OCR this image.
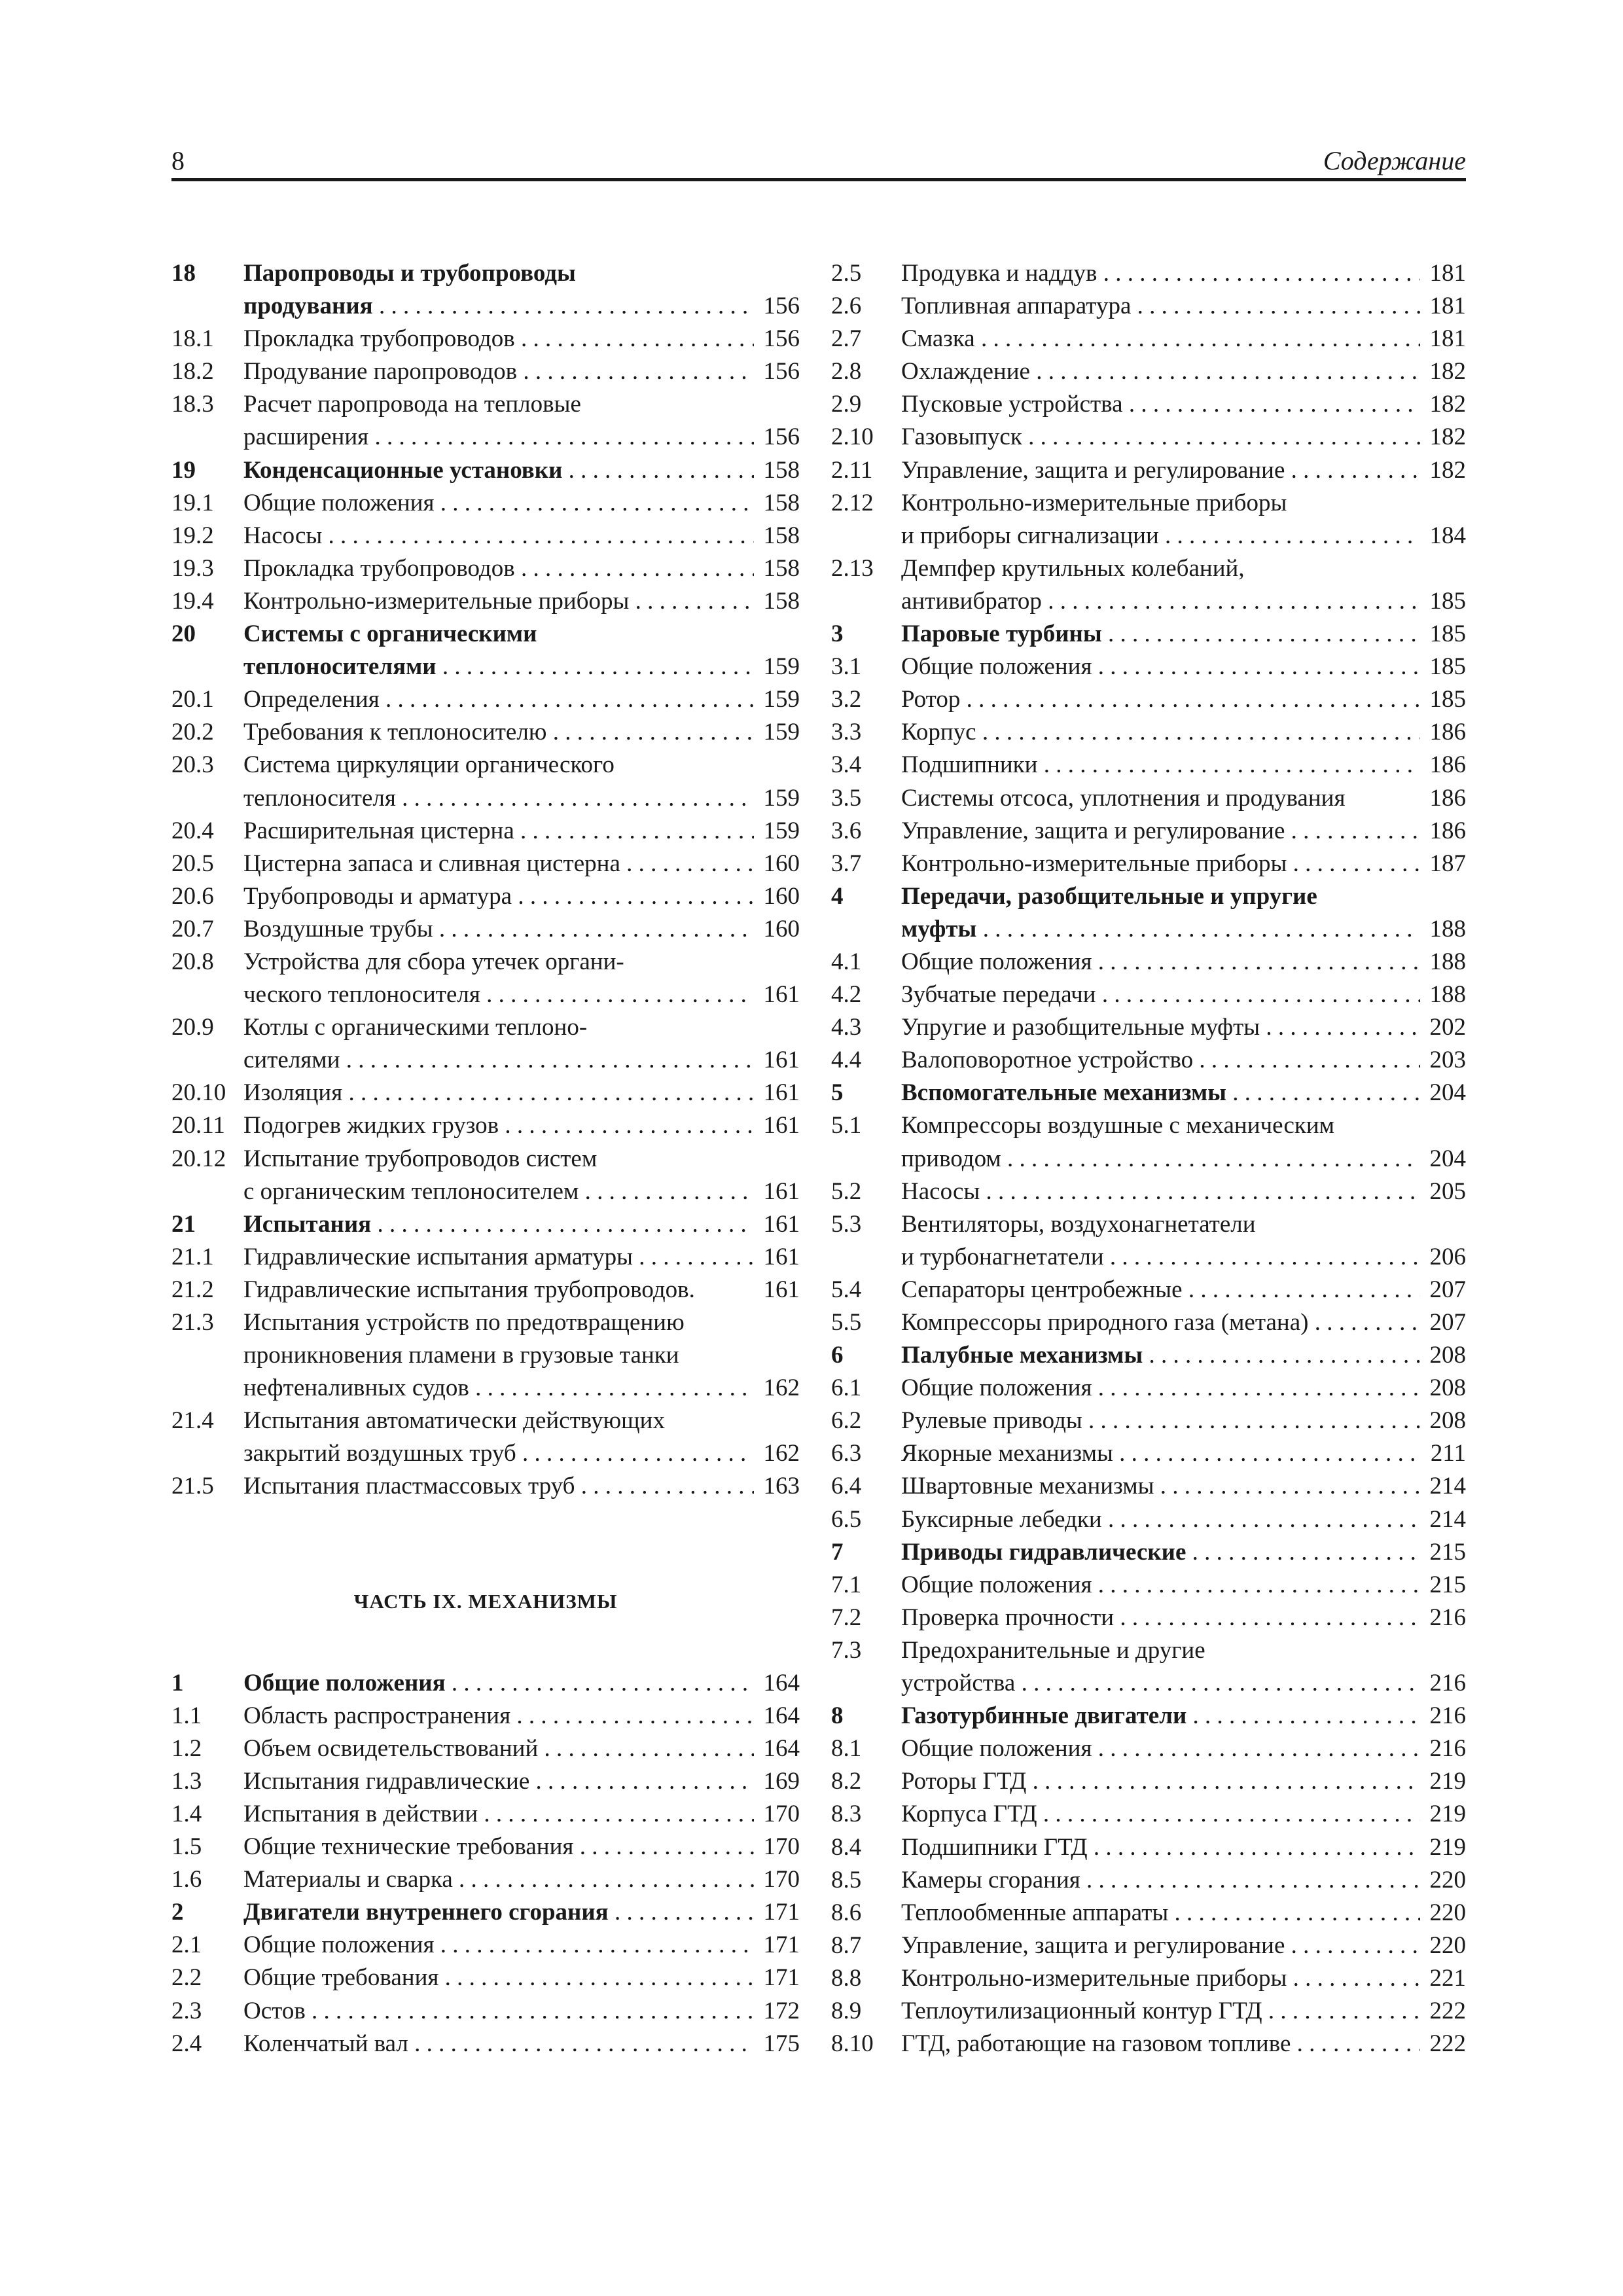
8	Содержание
18	Паропроводы и трубопроводы
продувания . . .	156
18.1	Прокладка трубопроводов . . .	156
18.2	Продувание паропроводов . . .	156
18.3	Расчет паропровода на тепловые
расширения . . .	156
19	Конденсационные установки . . .	158
19.1	Общие положения . . .	158
19.2	Насосы . . .	158
19.3	Прокладка трубопроводов . . .	158
19.4	Контрольно-измерительные приборы . . .	158
20	Системы с органическими
теплоносителями . . .	159
20.1	Определения . . .	159
20.2	Требования к теплоносителю . . .	159
20.3	Система циркуляции органического
теплоносителя . . .	159
20.4	Расширительная цистерна . . .	159
20.5	Цистерна запаса и сливная цистерна . . .	160
20.6	Трубопроводы и арматура . . .	160
20.7	Воздушные трубы . . .	160
20.8	Устройства для сбора утечек органи-
ческого теплоносителя . . .	161
20.9	Котлы с органическими теплоно-
сителями . . .	161
20.10 Изоляция . . .	161
20.11 Подогрев жидких грузов . . .	161
20.12 Испытание трубопроводов систем
с органическим теплоносителем . . .	161
21	Испытания . . .	161
21.1	Гидравлические испытания арматуры . . .	161
21.2	Гидравлические испытания трубопроводов.	161
21.3	Испытания устройств по предотвращению
проникновения пламени в грузовые танки
нефтеналивных судов . . .	162
21.4	Испытания автоматически действующих
закрытий воздушных труб . . .	162
21.5	Испытания пластмассовых труб . . .	163
ЧАСТЬ IX. МЕХАНИЗМЫ
1	Общие положения . . .	164
1.1	Область распространения . . .	164
1.2	Объем освидетельствований . . .	164
1.3	Испытания гидравлические . . .	169
1.4	Испытания в действии . . .	170
1.5	Общие технические требования . . .	170
1.6	Материалы и сварка . . .	170
2	Двигатели внутреннего сгорания . . .	171
2.1	Общие положения . . .	171
2.2	Общие требования . . .	171
2.3	Остов . . .	172
2.4	Коленчатый вал . . .	175
2.5	Продувка и наддув . . .	181
2.6	Топливная аппаратура . . .	181
2.7	Смазка . . .	181
2.8	Охлаждение . . .	182
2.9	Пусковые устройства . . .	182
2.10	Газовыпуск . . .	182
2.11	Управление, защита и регулирование . . .	182
2.12	Контрольно-измерительные приборы
и приборы сигнализации . . .	184
2.13	Демпфер крутильных колебаний,
антивибратор . . .	185
3	Паровые турбины . . .	185
3.1	Общие положения . . .	185
3.2	Ротор . . .	185
3.3	Корпус . . .	186
3.4	Подшипники . . .	186
3.5	Системы отсоса, уплотнения и продувания	186
3.6	Управление, защита и регулирование . . .	186
3.7	Контрольно-измерительные приборы . . .	187
4	Передачи, разобщительные и упругие
муфты . . .	188
4.1	Общие положения . . .	188
4.2	Зубчатые передачи . . .	188
4.3	Упругие и разобщительные муфты . . .	202
4.4	Валоповоротное устройство . . .	203
5	Вспомогательные механизмы . . .	204
5.1	Компрессоры воздушные с механическим
приводом . . .	204
5.2	Насосы . . .	205
5.3	Вентиляторы, воздухонагнетатели
и турбонагнетатели . . .	206
5.4	Сепараторы центробежные . . .	207
5.5	Компрессоры природного газа (метана) . . .	207
6	Палубные механизмы . . .	208
6.1	Общие положения . . .	208
6.2	Рулевые приводы . . .	208
6.3	Якорные механизмы . . .	211
6.4	Швартовные механизмы . . .	214
6.5	Буксирные лебедки . . .	214
7	Приводы гидравлические . . .	215
7.1	Общие положения . . .	215
7.2	Проверка прочности . . .	216
7.3	Предохранительные и другие
устройства . . .	216
8	Газотурбинные двигатели . . .	216
8.1	Общие положения . . .	216
8.2	Роторы ГТД . . .	219
8.3	Корпуса ГТД . . .	219
8.4	Подшипники ГТД . . .	219
8.5	Камеры сгорания . . .	220
8.6	Теплообменные аппараты . . .	220
8.7	Управление, защита и регулирование . . .	220
8.8	Контрольно-измерительные приборы . . .	221
8.9	Теплоутилизационный контур ГТД . . .	222
8.10	ГТД, работающие на газовом топливе . . .	222
